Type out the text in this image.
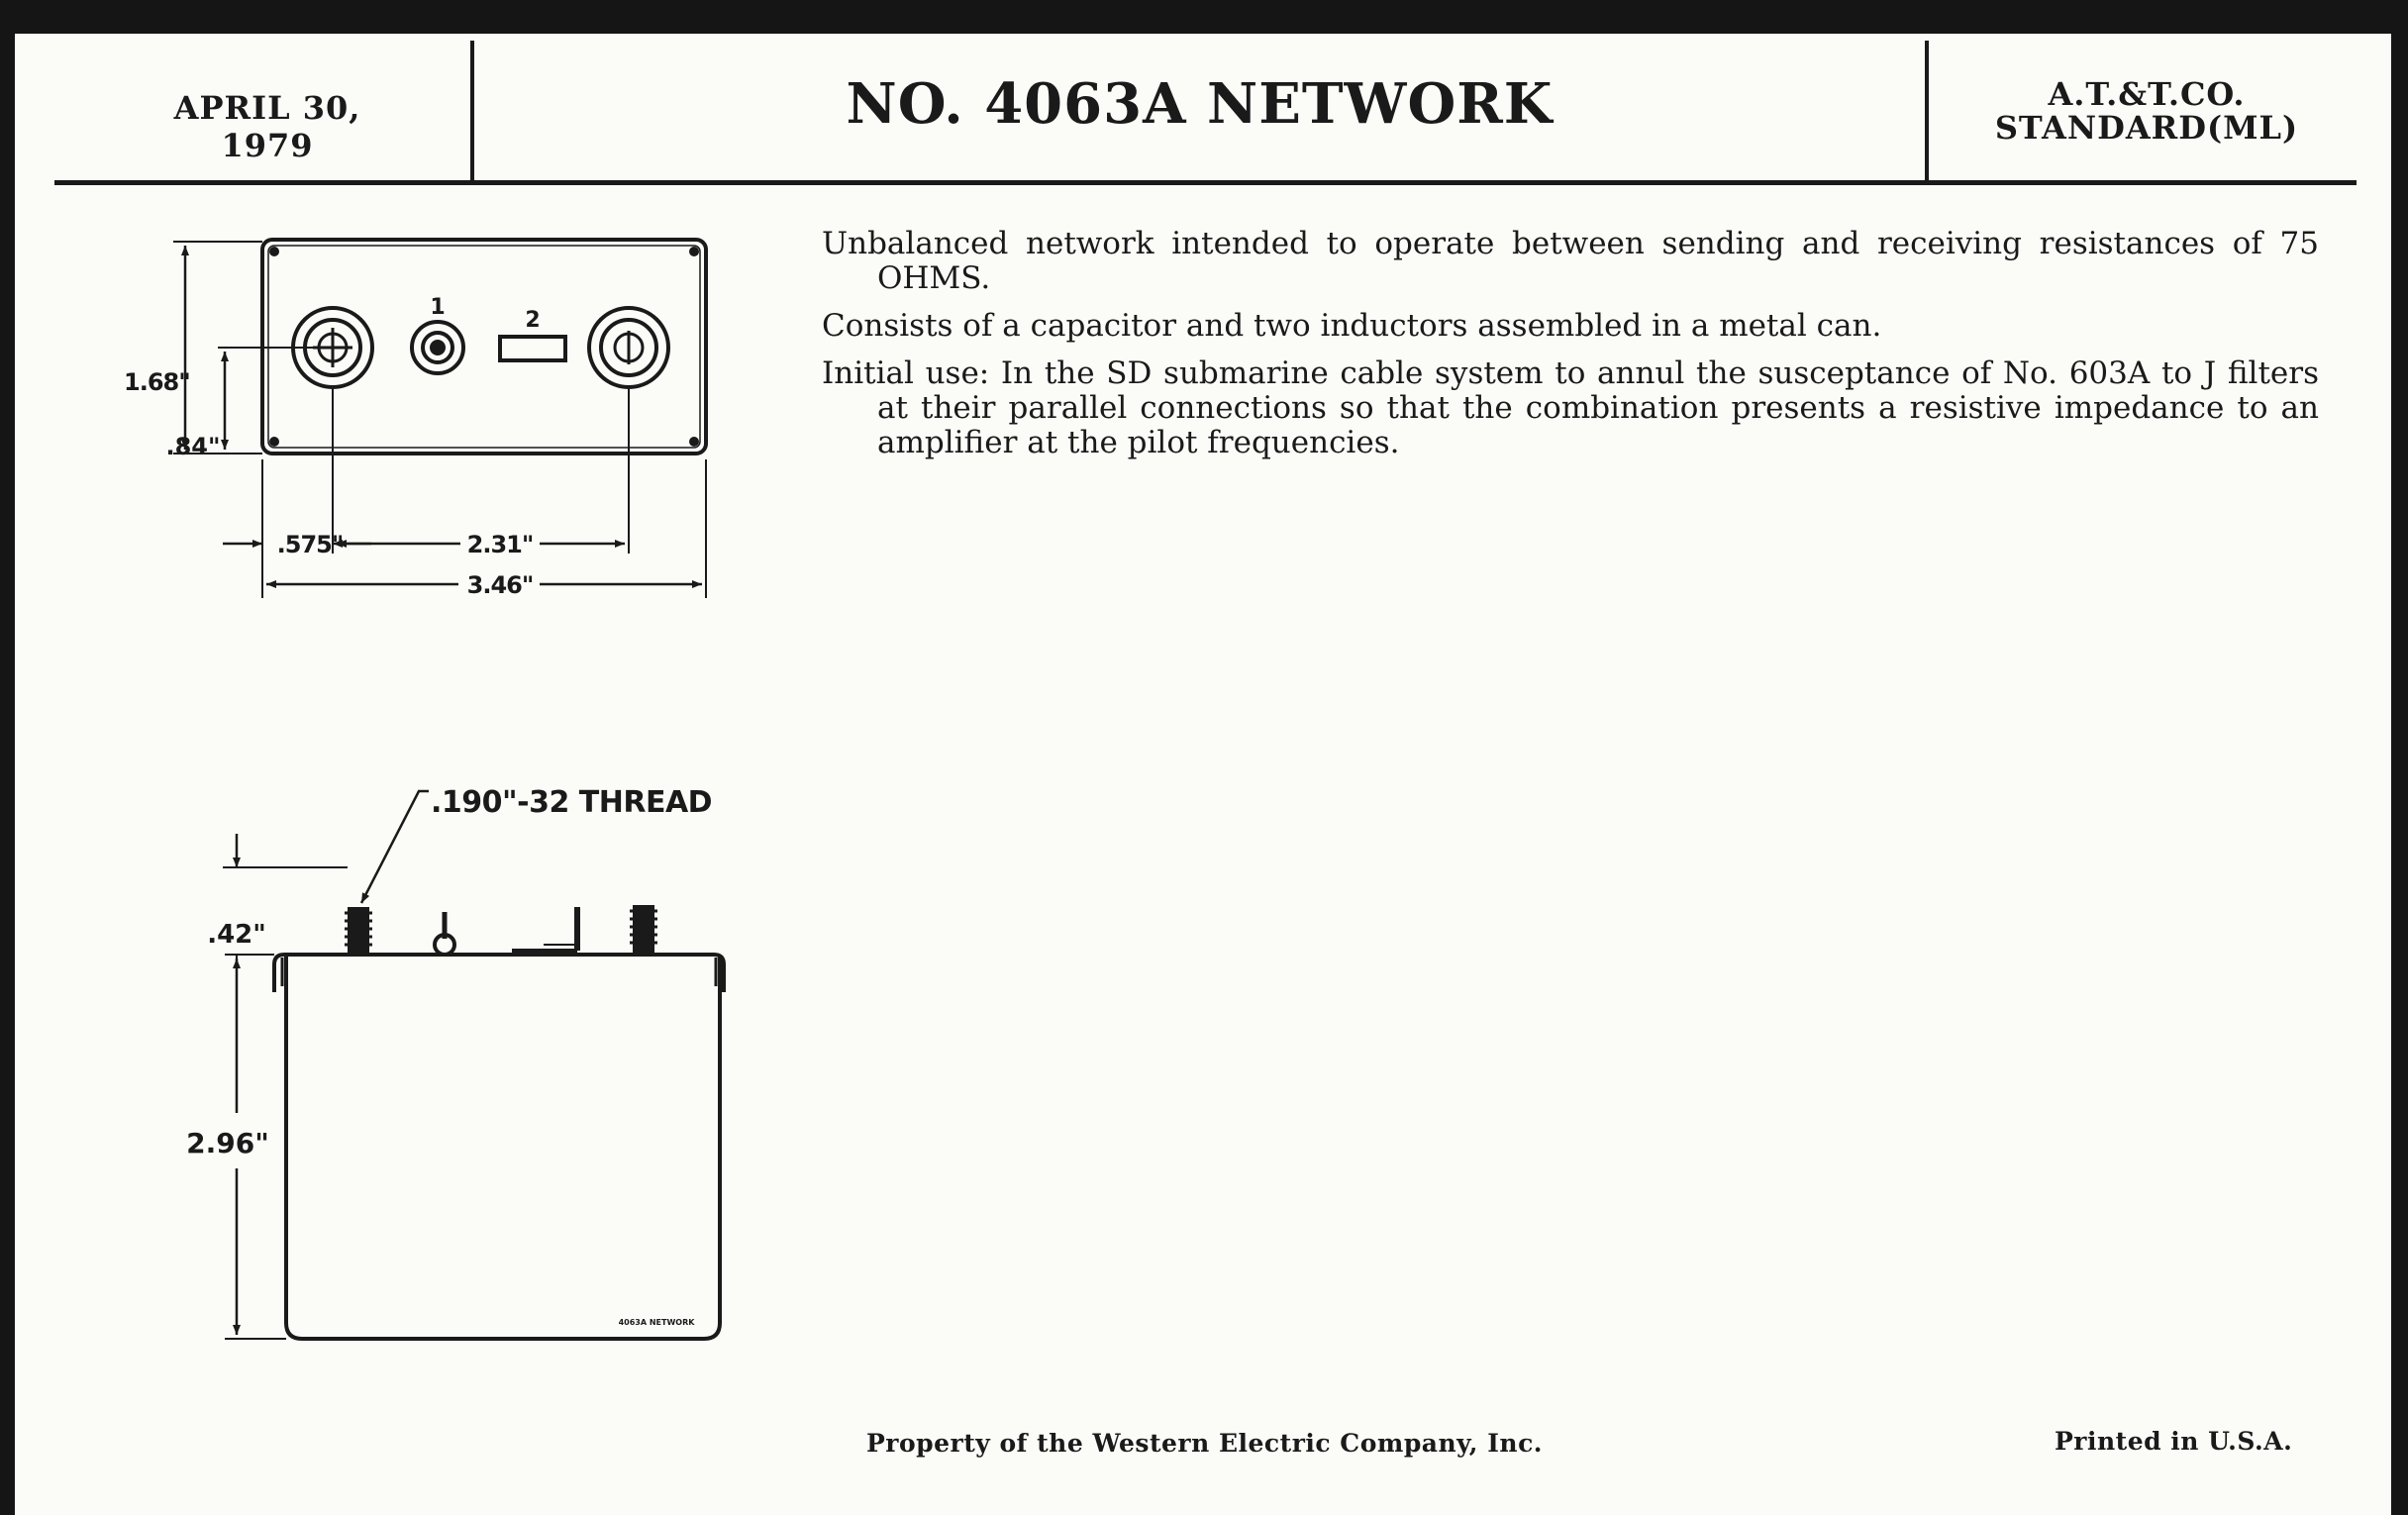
APRIL 30, 1979
NO. 4063A NETWORK	A.T.&T.CO.
STANDARD(ML)

Unbalanced network intended to operate between sending and receiving resistances of 75 OHMS.

Consists of a capacitor and two inductors assembled in a metal can.

Initial use: In the SD submarine cable system to annul the susceptance of No. 603A to J filters at their parallel connections so that the combination presents a resistive impedance to an amplifier at the pilot frequencies.

1
2
1.68"
.84"
.575"	2.31"
3.46"
.190"-32 THREAD
.42"
2.96"
4063A NETWORK
Property of the Western Electric Company, Inc.	Printed in U.S.A.
